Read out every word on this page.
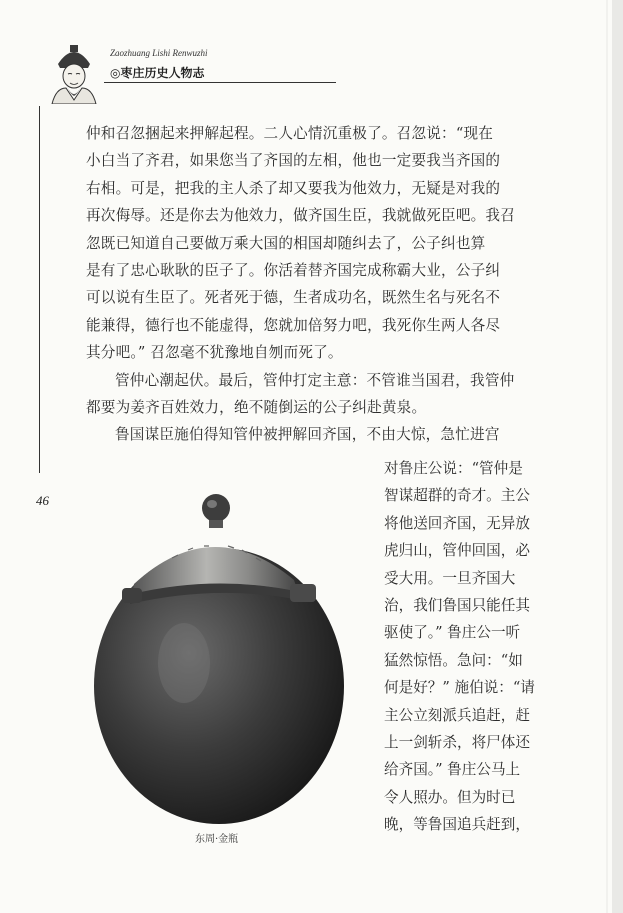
Zaozhuang Lishi Renwuzhi
◎枣庄历史人物志
46
仲和召忽捆起来押解起程。二人心情沉重极了。召忽说：“现在
小白当了齐君，如果您当了齐国的左相，他也一定要我当齐国的
右相。可是，把我的主人杀了却又要我为他效力，无疑是对我的
再次侮辱。还是你去为他效力，做齐国生臣，我就做死臣吧。我召
忽既已知道自己要做万乘大国的相国却随纠去了，公子纠也算
是有了忠心耿耿的臣子了。你活着替齐国完成称霸大业，公子纠
可以说有生臣了。死者死于德，生者成功名，既然生名与死名不
能兼得，德行也不能虚得，您就加倍努力吧，我死你生两人各尽
其分吧。” 召忽毫不犹豫地自刎而死了。
管仲心潮起伏。最后，管仲打定主意：不管谁当国君，我管仲
都要为姜齐百姓效力，绝不随倒运的公子纠赴黄泉。
鲁国谋臣施伯得知管仲被押解回齐国，不由大惊，急忙进宫
对鲁庄公说：“管仲是
智谋超群的奇才。主公
将他送回齐国，无异放
虎归山，管仲回国，必
受大用。一旦齐国大
治，我们鲁国只能任其
驱使了。” 鲁庄公一听
猛然惊悟。急问：“如
何是好？” 施伯说：“请
主公立刻派兵追赶，赶
上一剑斩杀，将尸体还
给齐国。” 鲁庄公马上
令人照办。但为时已
晚，等鲁国追兵赶到，
东周·金瓶
